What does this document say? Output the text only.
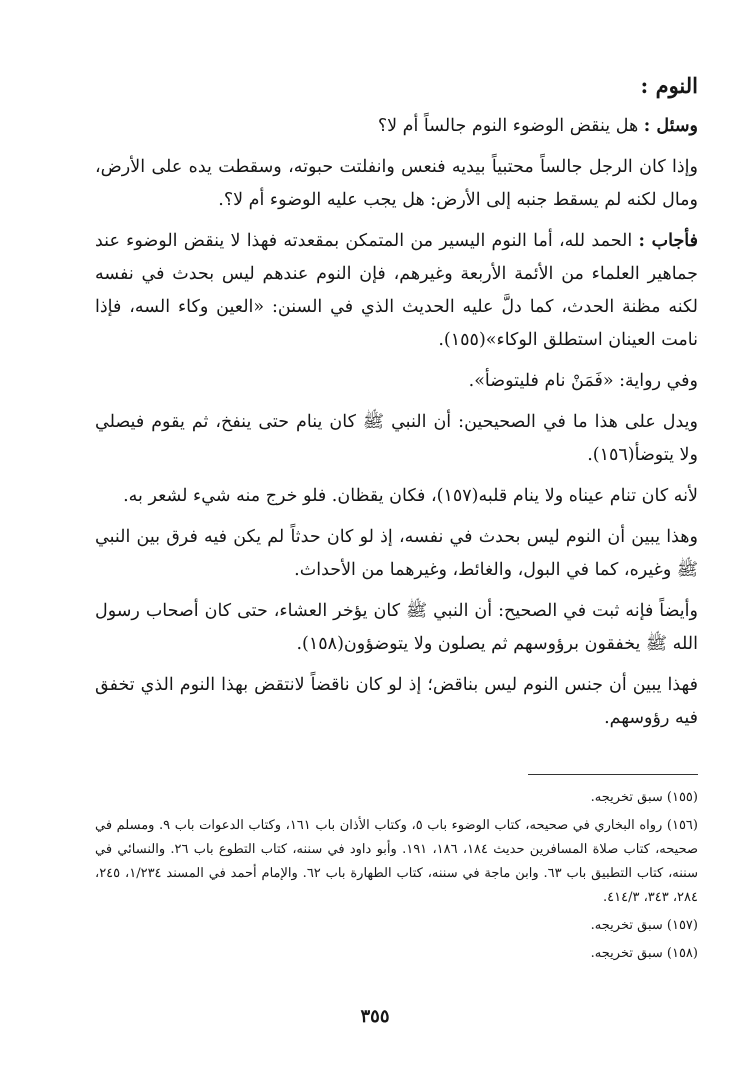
النوم :

وسئل : هل ينقض الوضوء النوم جالساً أم لا؟

وإذا كان الرجل جالساً محتبياً بيديه فنعس وانفلتت حبوته، وسقطت يده على الأرض، ومال لكنه لم يسقط جنبه إلى الأرض: هل يجب عليه الوضوء أم لا؟.

فأجاب : الحمد لله، أما النوم اليسير من المتمكن بمقعدته فهذا لا ينقض الوضوء عند جماهير العلماء من الأئمة الأربعة وغيرهم، فإن النوم عندهم ليس بحدث في نفسه لكنه مظنة الحدث، كما دلَّ عليه الحديث الذي في السنن: «العين وكاء السه، فإذا نامت العينان استطلق الوكاء»(١٥٥).

وفي رواية: «فَمَنْ نام فليتوضأ».

ويدل على هذا ما في الصحيحين: أن النبي ﷺ كان ينام حتى ينفخ، ثم يقوم فيصلي ولا يتوضأ(١٥٦).

لأنه كان تنام عيناه ولا ينام قلبه(١٥٧)، فكان يقظان. فلو خرج منه شيء لشعر به.

وهذا يبين أن النوم ليس بحدث في نفسه، إذ لو كان حدثاً لم يكن فيه فرق بين النبي ﷺ وغيره، كما في البول، والغائط، وغيرهما من الأحداث.

وأيضاً فإنه ثبت في الصحيح: أن النبي ﷺ كان يؤخر العشاء، حتى كان أصحاب رسول الله ﷺ يخفقون برؤوسهم ثم يصلون ولا يتوضؤون(١٥٨).

فهذا يبين أن جنس النوم ليس بناقض؛ إذ لو كان ناقضاً لانتقض بهذا النوم الذي تخفق فيه رؤوسهم.

(١٥٥) سبق تخريجه.

(١٥٦) رواه البخاري في صحيحه، كتاب الوضوء باب ٥، وكتاب الأذان باب ١٦١، وكتاب الدعوات باب ٩. ومسلم في صحيحه، كتاب صلاة المسافرين حديث ١٨٤، ١٨٦، ١٩١. وأبو داود في سننه، كتاب التطوع باب ٢٦. والنسائي في سننه، كتاب التطبيق باب ٦٣. وابن ماجة في سننه، كتاب الطهارة باب ٦٢. والإمام أحمد في المسند ١/٢٣٤، ٢٤٥، ٢٨٤، ٣٤٣، ٤١٤/٣.

(١٥٧) سبق تخريجه.

(١٥٨) سبق تخريجه.

٣٥٥
